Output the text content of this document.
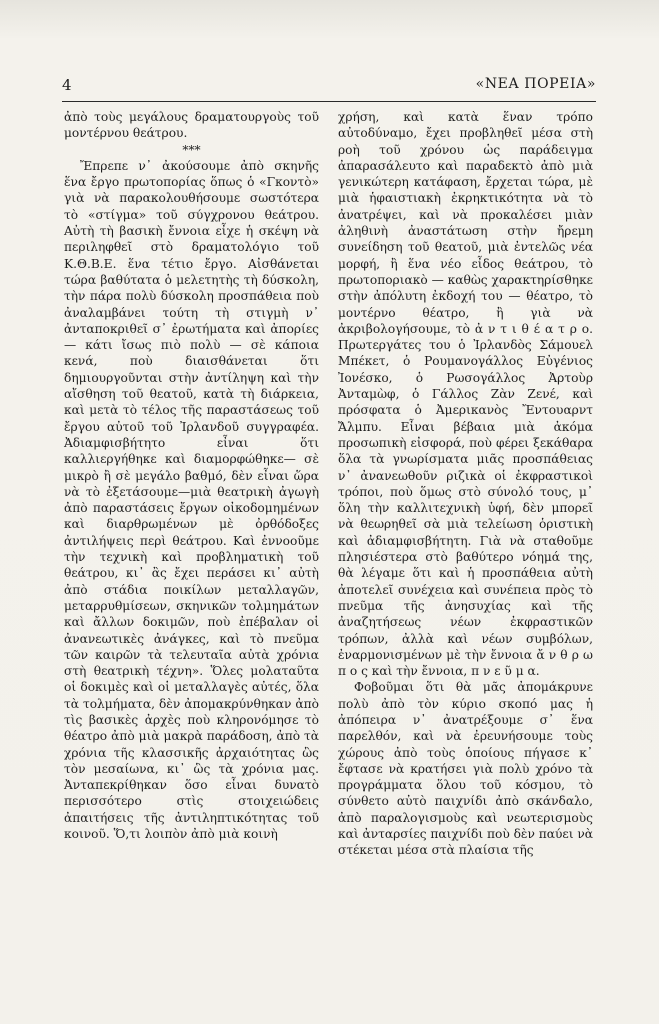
4	«ΝΕΑ ΠΟΡΕΙΑ»

ἀπὸ τοὺς μεγάλους δραματουργοὺς τοῦ μοντέρνου θεάτρου.

***

Ἔπρεπε ν᾿ ἀκούσουμε ἀπὸ σκηνῆς ἕνα ἔργο πρωτοπορίας ὅπως ὁ «Γκοντὸ» γιὰ νὰ παρακολουθήσουμε σωστότερα τὸ «στίγμα» τοῦ σύγχρονου θεάτρου. Αὐτὴ τὴ βασικὴ ἔννοια εἶχε ἡ σκέψη νὰ περιληφθεῖ στὸ δραματολόγιο τοῦ Κ.Θ.Β.Ε. ἕνα τέτιο ἔργο. Αἰσθάνεται τώρα βαθύτατα ὁ μελετητὴς τὴ δύσκολη, τὴν πάρα πολὺ δύσκολη προσπάθεια ποὺ ἀναλαμβάνει τούτη τὴ στιγμὴ ν᾿ ἀνταποκριθεῖ σ᾿ ἐρωτήματα καὶ ἀπορίες — κάτι ἴσως πιὸ πολὺ — σὲ κάποια κενά, ποὺ διαισθάνεται ὅτι δημιουργοῦνται στὴν ἀντίληψη καὶ τὴν αἴσθηση τοῦ θεατοῦ, κατὰ τὴ διάρκεια, καὶ μετὰ τὸ τέλος τῆς παραστάσεως τοῦ ἔργου αὐτοῦ τοῦ Ἰρλανδοῦ συγγραφέα. Ἀδιαμφισβήτητο εἶναι ὅτι καλλιεργήθηκε καὶ διαμορφώθηκε— σὲ μικρὸ ἢ σὲ μεγάλο βαθμό, δὲν εἶναι ὥρα νὰ τὸ ἐξετάσουμε—μιὰ θεατρικὴ ἀγωγὴ ἀπὸ παραστάσεις ἔργων οἰκοδομημένων καὶ διαρθρωμένων μὲ ὀρθόδοξες ἀντιλήψεις περὶ θεάτρου. Καὶ ἐννοοῦμε τὴν τεχνικὴ καὶ προβληματικὴ τοῦ θεάτρου, κι᾿ ἂς ἔχει περάσει κι᾿ αὐτὴ ἀπὸ στάδια ποικίλων μεταλλαγῶν, μεταρρυθμίσεων, σκηνικῶν τολμημάτων καὶ ἄλλων δοκιμῶν, ποὺ ἐπέβαλαν οἱ ἀνανεωτικὲς ἀνάγκες, καὶ τὸ πνεῦμα τῶν καιρῶν τὰ τελευταῖα αὐτὰ χρόνια στὴ θεατρικὴ τέχνη». Ὅλες μολαταῦτα οἱ δοκιμὲς καὶ οἱ μεταλλαγὲς αὐτές, ὅλα τὰ τολμήματα, δὲν ἀπομακρύνθηκαν ἀπὸ τὶς βασικὲς ἀρχὲς ποὺ κληρονόμησε τὸ θέατρο ἀπὸ μιὰ μακρὰ παράδοση, ἀπὸ τὰ χρόνια τῆς κλασσικῆς ἀρχαιότητας ὣς τὸν μεσαίωνα, κι᾿ ὣς τὰ χρόνια μας. Ἀνταπεκρίθηκαν ὅσο εἶναι δυνατὸ περισσότερο στὶς στοιχειώδεις ἀπαιτήσεις τῆς ἀντιληπτικότητας τοῦ κοινοῦ. Ὅ,τι λοιπὸν ἀπὸ μιὰ κοινὴ

χρήση, καὶ κατὰ ἕναν τρόπο αὐτοδύναμο, ἔχει προβληθεῖ μέσα στὴ ροὴ τοῦ χρόνου ὡς παράδειγμα ἀπαρασάλευτο καὶ παραδεκτὸ ἀπὸ μιὰ γενικώτερη κατάφαση, ἔρχεται τώρα, μὲ μιὰ ἡφαιστιακὴ ἐκρηκτικότητα νὰ τὸ ἀνατρέψει, καὶ νὰ προκαλέσει μιὰν ἀληθινὴ ἀναστάτωση στὴν ἤρεμη συνείδηση τοῦ θεατοῦ, μιὰ ἐντελῶς νέα μορφή, ἢ ἕνα νέο εἶδος θεάτρου, τὸ πρωτοποριακὸ — καθὼς χαρακτηρίσθηκε στὴν ἀπόλυτη ἐκδοχή του — θέατρο, τὸ μοντέρνο θέατρο, ἢ γιὰ νὰ ἀκριβολογήσουμε, τὸ ἀ ν τ ι θ έ α τ ρ ο. Πρωτεργάτες του ὁ Ἰρλανδὸς Σάμουελ Μπέκετ, ὁ Ρουμανογάλλος Εὐγένιος Ἰονέσκο, ὁ Ρωσογάλλος Ἀρτοὺρ Ἀνταμὼφ, ὁ Γάλλος Ζὰν Ζενέ, καὶ πρόσφατα ὁ Ἀμερικανὸς Ἔντουαρντ Ἄλμπυ. Εἶναι βέβαια μιὰ ἀκόμα προσωπικὴ εἰσφορά, ποὺ φέρει ξεκάθαρα ὅλα τὰ γνωρίσματα μιᾶς προσπάθειας ν᾿ ἀνανεωθοῦν ριζικὰ οἱ ἐκφραστικοὶ τρόποι, ποὺ ὅμως στὸ σύνολό τους, μ᾿ ὅλη τὴν καλλιτεχνικὴ ὑφή, δὲν μπορεῖ νὰ θεωρηθεῖ σὰ μιὰ τελείωση ὁριστικὴ καὶ ἀδιαμφισβήτητη. Γιὰ νὰ σταθοῦμε πλησιέστερα στὸ βαθύτερο νόημά της, θὰ λέγαμε ὅτι καὶ ἡ προσπάθεια αὐτὴ ἀποτελεῖ συνέχεια καὶ συνέπεια πρὸς τὸ πνεῦμα τῆς ἀνησυχίας καὶ τῆς ἀναζητήσεως νέων ἐκφραστικῶν τρόπων, ἀλλὰ καὶ νέων συμβόλων, ἐναρμονισμένων μὲ τὴν ἔννοια ἄ ν θ ρ ω π ο ς καὶ τὴν ἔννοια, π ν ε ῦ μ α.

Φοβοῦμαι ὅτι θὰ μᾶς ἀπομάκρυνε πολὺ ἀπὸ τὸν κύριο σκοπό μας ἡ ἀπόπειρα ν᾿ ἀνατρέξουμε σ᾿ ἕνα παρελθόν, καὶ νὰ ἐρευνήσουμε τοὺς χώρους ἀπὸ τοὺς ὁποίους πήγασε κ᾿ ἔφτασε νὰ κρατήσει γιὰ πολὺ χρόνο τὰ προγράμματα ὅλου τοῦ κόσμου, τὸ σύνθετο αὐτὸ παιχνίδι ἀπὸ σκάνδαλο, ἀπὸ παραλογισμοὺς καὶ νεωτερισμοὺς καὶ ἀνταρσίες παιχνίδι ποὺ δὲν παύει νὰ στέκεται μέσα στὰ πλαίσια τῆς
